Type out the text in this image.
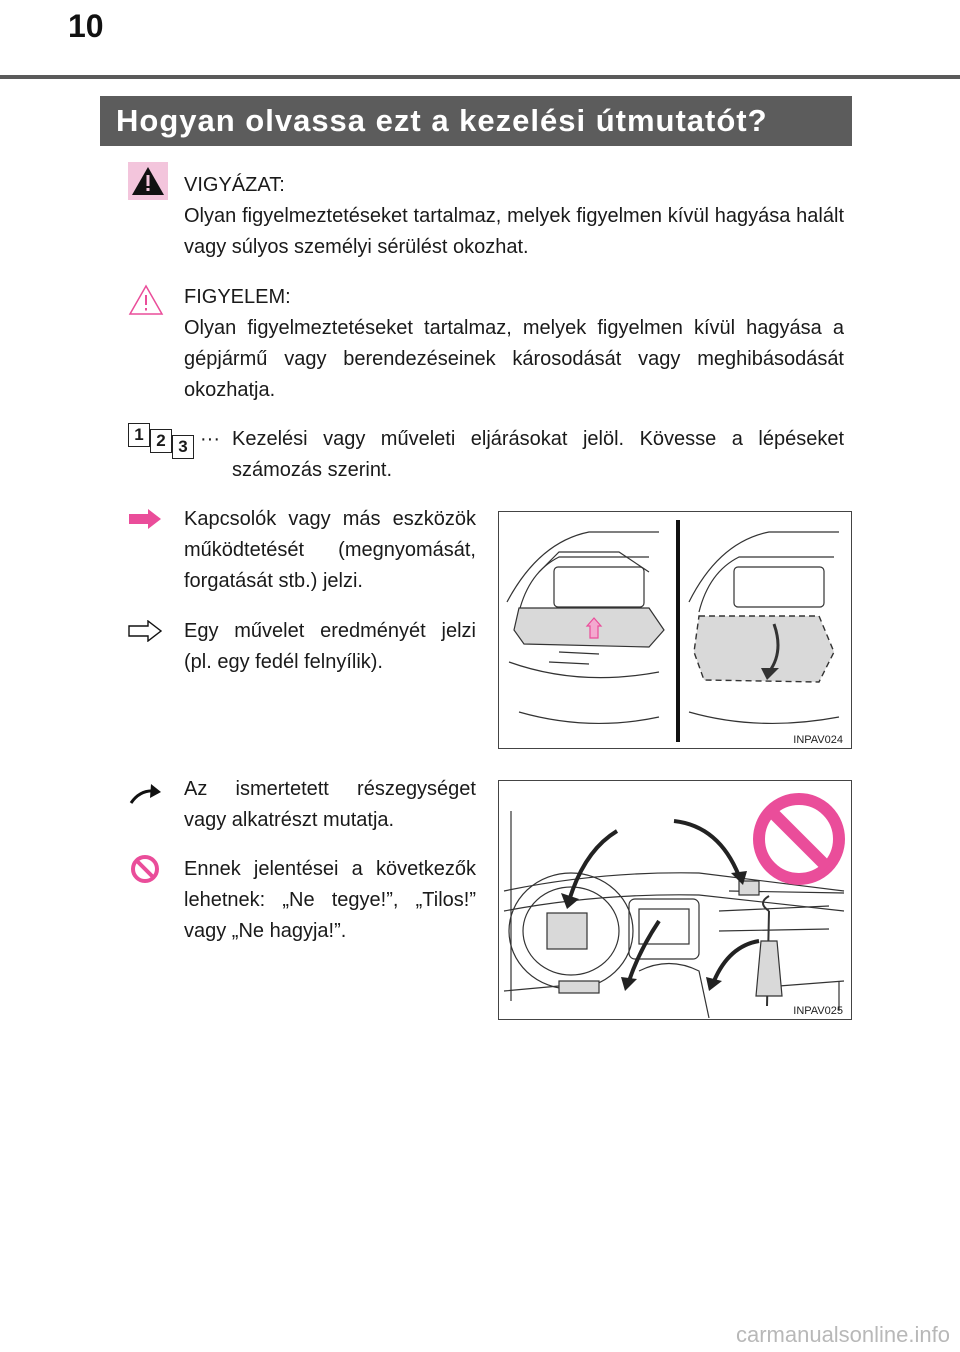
10
Hogyan olvassa ezt a kezelési útmutatót?
VIGYÁZAT:
Olyan figyelmeztetéseket tartalmaz, melyek figyelmen kívül hagyása halált vagy súlyos személyi sérülést okozhat.
FIGYELEM:
Olyan figyelmeztetéseket tartalmaz, melyek figyelmen kívül hagyása a gépjármű vagy berendezéseinek károsodását vagy meghibásodását okozhatja.
1 2 3 ··· Kezelési vagy műveleti eljárásokat jelöl. Kövesse a lépéseket számozás szerint.
Kapcsolók vagy más eszközök működtetését (megnyomását, forgatását stb.) jelzi.
Egy művelet eredményét jelzi (pl. egy fedél felnyílik).
INPAV024
Az ismertetett részegységet vagy alkatrészt mutatja.
Ennek jelentései a következők lehetnek: „Ne tegye!”, „Tilos!” vagy „Ne hagyja!”.
INPAV025
carmanualsonline.info
